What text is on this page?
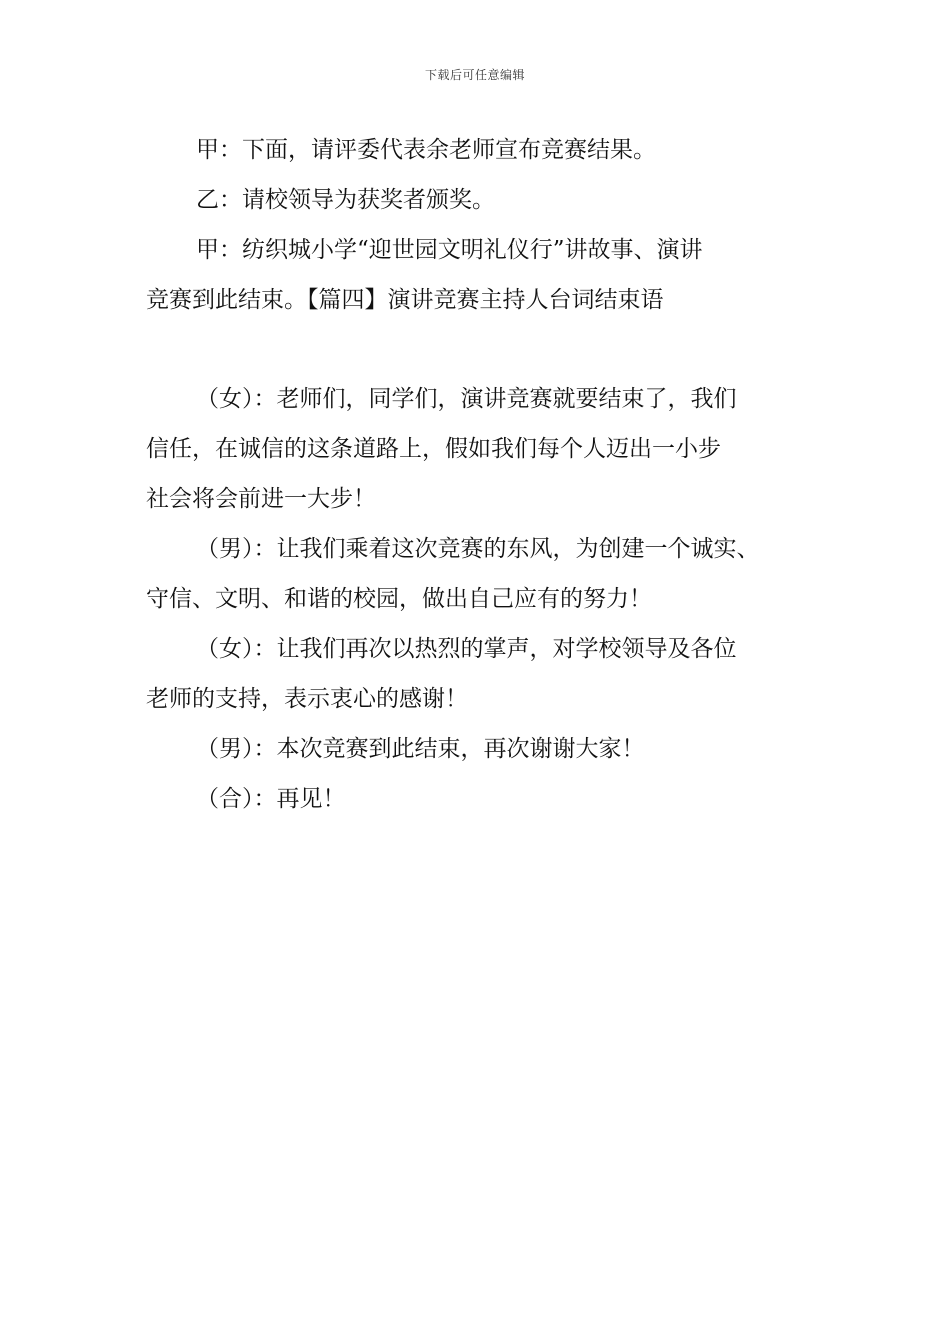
下载后可任意编辑

甲：下面，请评委代表余老师宣布竞赛结果。

乙：请校领导为获奖者颁奖。

甲：纺织城小学“迎世园文明礼仪行”讲故事、演讲

竞赛到此结束。【篇四】演讲竞赛主持人台词结束语

（女）：老师们，同学们，演讲竞赛就要结束了，我们

信任，在诚信的这条道路上，假如我们每个人迈出一小步

社会将会前进一大步！

（男）：让我们乘着这次竞赛的东风，为创建一个诚实、

守信、文明、和谐的校园，做出自己应有的努力！

（女）：让我们再次以热烈的掌声，对学校领导及各位

老师的支持，表示衷心的感谢！

（男）：本次竞赛到此结束，再次谢谢大家！

（合）：再见！
